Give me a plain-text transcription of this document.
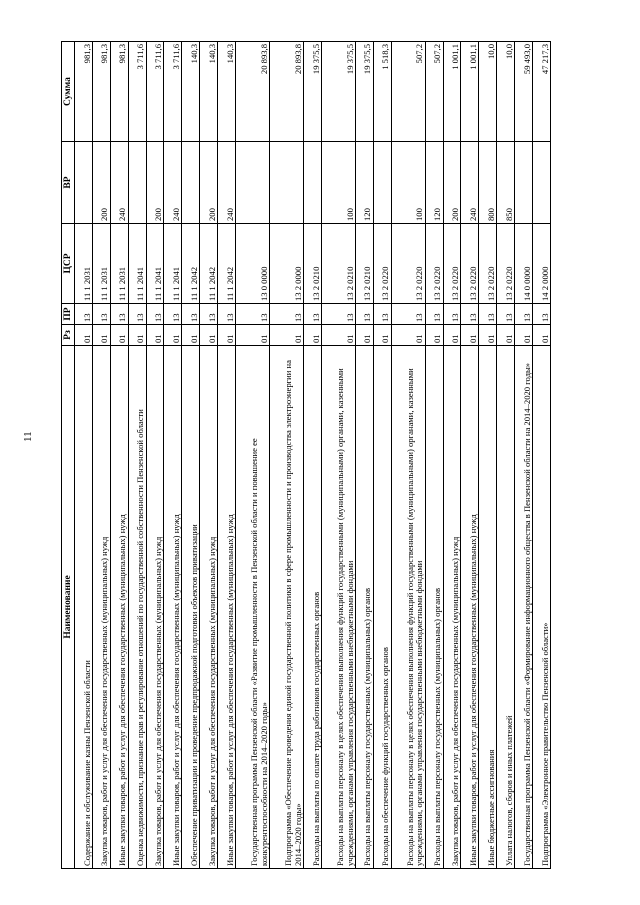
11
Наименование	Рз	ПР	ЦСР	ВР	Сумма
Содержание и обслуживание казны Пензенской области	01	13	11 1 2031		981,3
Закупка товаров, работ и услуг для обеспечения государственных (муниципальных) нужд	01	13	11 1 2031	200	981,3
Иные закупки товаров, работ и услуг для обеспечения государственных (муниципальных) нужд	01	13	11 1 2031	240	981,3
Оценка недвижимости, признание прав и регулирование отношений по государственной собственности Пензенской области	01	13	11 1 2041		3 711,6
Закупка товаров, работ и услуг для обеспечения государственных (муниципальных) нужд	01	13	11 1 2041	200	3 711,6
Иные закупки товаров, работ и услуг для обеспечения государственных (муниципальных) нужд	01	13	11 1 2041	240	3 711,6
Обеспечение приватизации и проведение предпродажной подготовки объектов приватизации	01	13	11 1 2042		140,3
Закупка товаров, работ и услуг для обеспечения государственных (муниципальных) нужд	01	13	11 1 2042	200	140,3
Иные закупки товаров, работ и услуг для обеспечения государственных (муниципальных) нужд	01	13	11 1 2042	240	140,3
Государственная программа Пензенской области «Развитие промышленности в Пензенской области и повышение ее конкурентоспособности на 2014–2020 годы»	01	13	13 0 0000		20 893,8
Подпрограмма «Обеспечение проведения единой государственной политики в сфере промышленности и производства электроэнергии на 2014–2020 годы»	01	13	13 2 0000		20 893,8
Расходы на выплаты по оплате труда работников государственных органов	01	13	13 2 0210		19 375,5
Расходы на выплаты персоналу в целях обеспечения выполнения функций государственными (муниципальными) органами, казенными учреждениями, органами управления государственными внебюджетными фондами	01	13	13 2 0210	100	19 375,5
Расходы на выплаты персоналу государственных (муниципальных) органов	01	13	13 2 0210	120	19 375,5
Расходы на обеспечение функций государственных органов	01	13	13 2 0220		1 518,3
Расходы на выплаты персоналу в целях обеспечения выполнения функций государственными (муниципальными) органами, казенными учреждениями, органами управления государственными внебюджетными фондами	01	13	13 2 0220	100	507,2
Расходы на выплаты персоналу государственных (муниципальных) органов	01	13	13 2 0220	120	507,2
Закупка товаров, работ и услуг для обеспечения государственных (муниципальных) нужд	01	13	13 2 0220	200	1 001,1
Иные закупки товаров, работ и услуг для обеспечения государственных (муниципальных) нужд	01	13	13 2 0220	240	1 001,1
Иные бюджетные ассигнования	01	13	13 2 0220	800	10,0
Уплата налогов, сборов и иных платежей	01	13	13 2 0220	850	10,0
Государственная программа Пензенской области «Формирование информационного общества в Пензенской области на 2014–2020 годы»	01	13	14 0 0000		59 493,0
Подпрограмма «Электронное правительство Пензенской области»	01	13	14 2 0000		47 217,3
